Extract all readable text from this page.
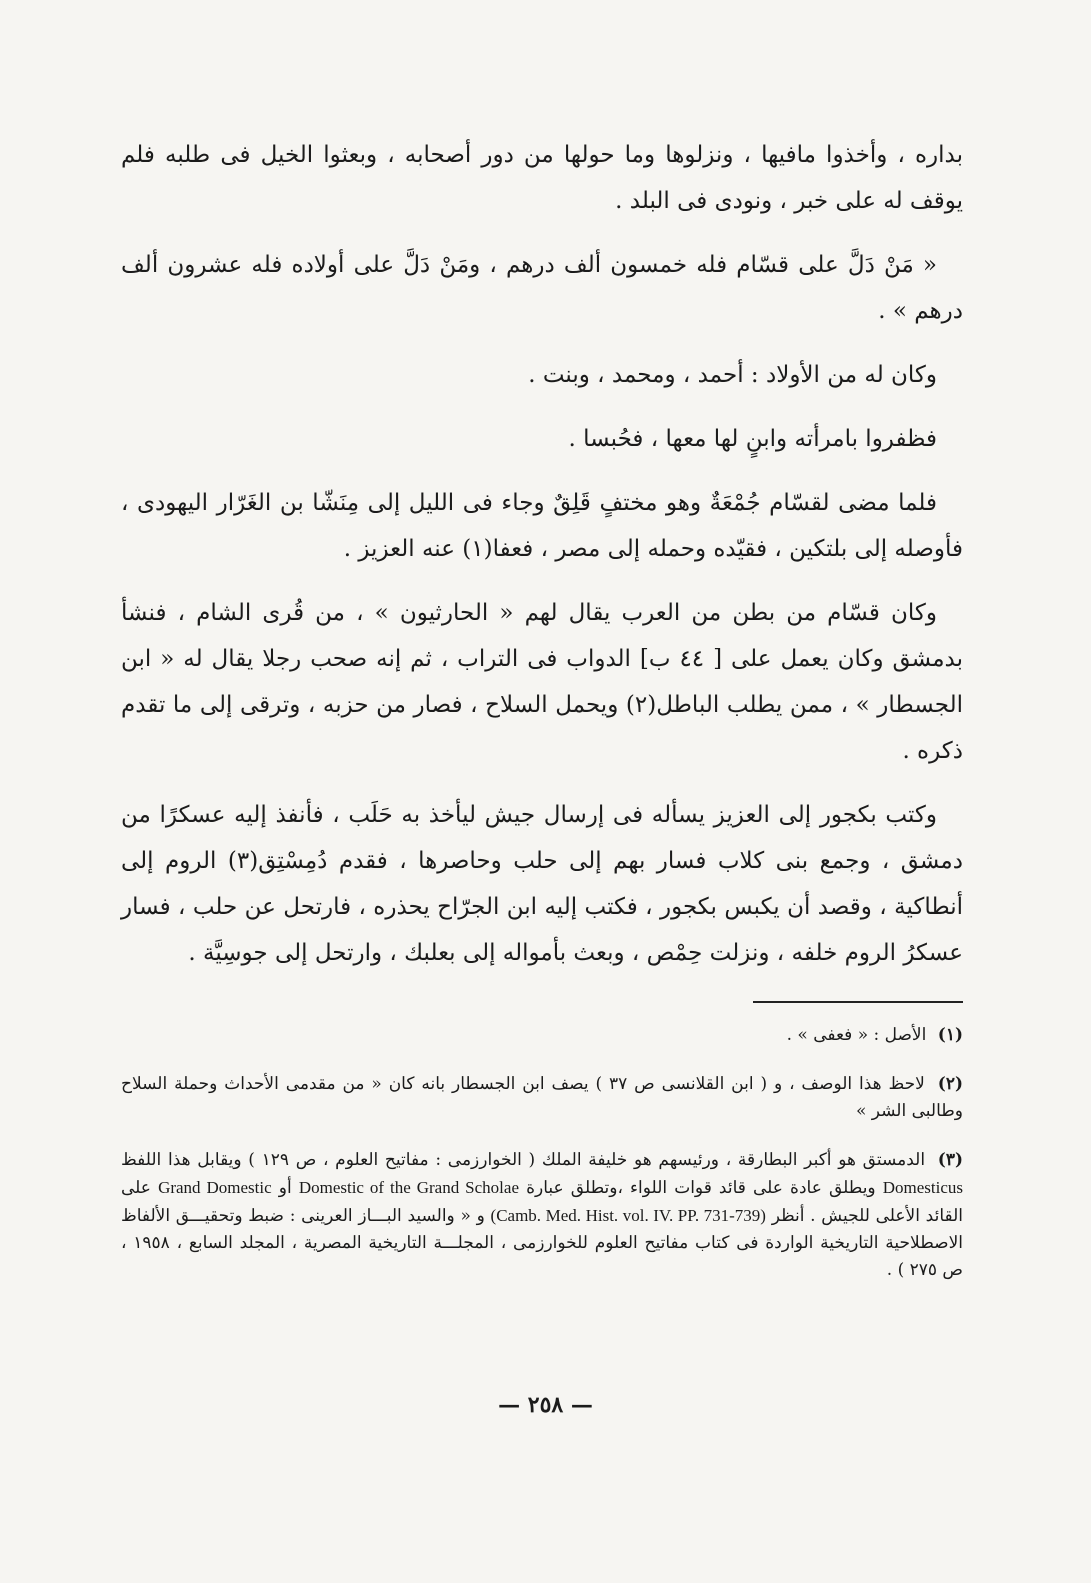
بداره ، وأخذوا مافيها ، ونزلوها وما حولها من دور أصحابه ، وبعثوا الخيل فى طلبه فلم يوقف له على خبر ، ونودى فى البلد .

« مَنْ دَلَّ على قسّام فله خمسون ألف درهم ، ومَنْ دَلَّ على أولاده فله عشرون ألف درهم » .

وكان له من الأولاد : أحمد ، ومحمد ، وبنت .

فظفروا بامرأته وابنٍ لها معها ، فحُبسا .

فلما مضى لقسّام جُمْعَةٌ وهو مختفٍ قَلِقٌ وجاء فى الليل إلى مِنَشّا بن الغَرّار اليهودى ، فأوصله إلى بلتكين ، فقيّده وحمله إلى مصر ، فعفا(١) عنه العزيز .

وكان قسّام من بطن من العرب يقال لهم « الحارثيون » ، من قُرى الشام ، فنشأ بدمشق وكان يعمل على [ ٤٤ ب] الدواب فى التراب ، ثم إنه صحب رجلا يقال له « ابن الجسطار » ، ممن يطلب الباطل(٢) ويحمل السلاح ، فصار من حزبه ، وترقى إلى ما تقدم ذكره .

وكتب بكجور إلى العزيز يسأله فى إرسال جيش ليأخذ به حَلَب ، فأنفذ إليه عسكرًا من دمشق ، وجمع بنى كلاب فسار بهم إلى حلب وحاصرها ، فقدم دُمِسْتِق(٣) الروم إلى أنطاكية ، وقصد أن يكبس بكجور ، فكتب إليه ابن الجرّاح يحذره ، فارتحل عن حلب ، فسار عسكرُ الروم خلفه ، ونزلت حِمْص ، وبعث بأمواله إلى بعلبك ، وارتحل إلى جوسِيَّة .

(١) الأصل : « فعفى » .

(٢) لاحظ هذا الوصف ، و ( ابن القلانسى ص ٣٧ ) يصف ابن الجسطار بانه كان « من مقدمى الأحداث وحملة السلاح وطالبى الشر »

(٣) الدمستق هو أكبر البطارقة ، ورئيسهم هو خليفة الملك ( الخوارزمى : مفاتيح العلوم ، ص ١٢٩ ) ويقابل هذا اللفظ Domesticus ويطلق عادة على قائد قوات اللواء ،وتطلق عبارة Domestic of the Grand Scholae أو Grand Domestic على القائد الأعلى للجيش . أنظر (Camb. Med. Hist. vol. IV. PP. 731-739) و « والسيد البـــاز العرينى : ضبط وتحقيـــق الألفاظ الاصطلاحية التاريخية الواردة فى كتاب مفاتيح العلوم للخوارزمى ، المجلـــة التاريخية المصرية ، المجلد السابع ، ١٩٥٨ ، ص ٢٧٥ ) .

— ٢٥٨ —
